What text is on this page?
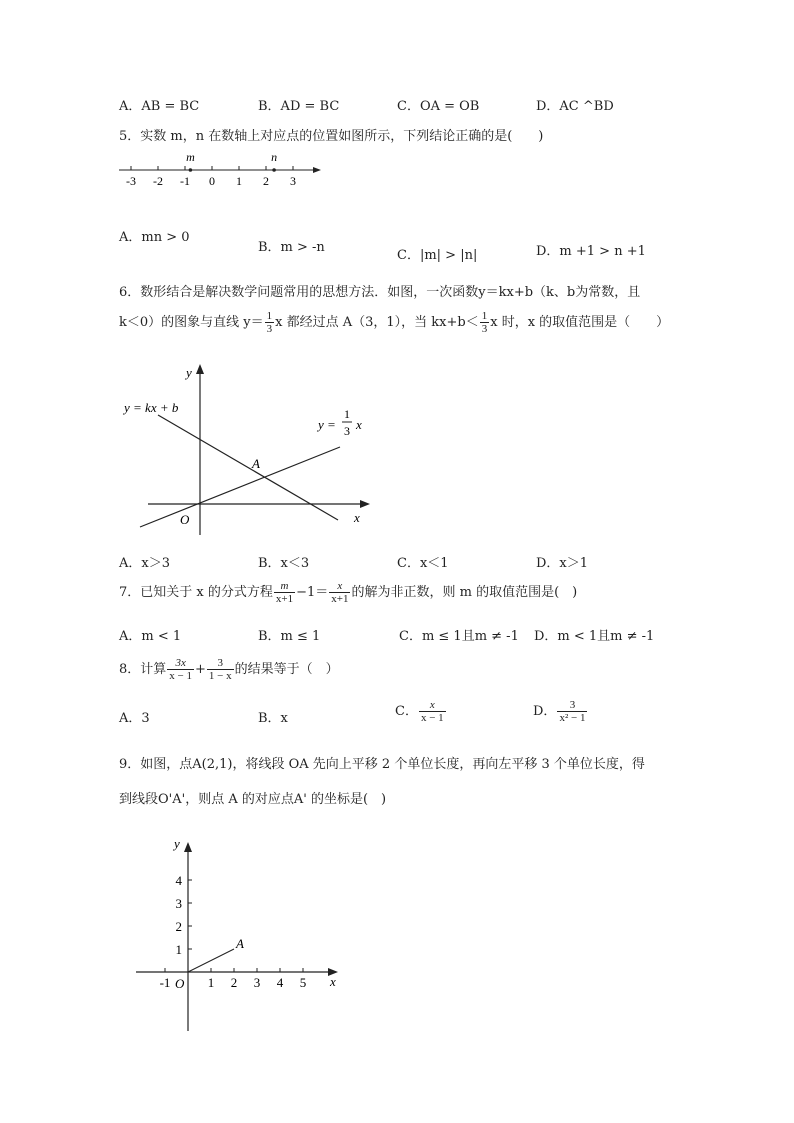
A．AB = BC	B．AD = BC	C．OA = OB	D．AC ^BD
5．实数 m，n 在数轴上对应点的位置如图所示，下列结论正确的是(　　)
-3 -2 -1 0 1 2 3
m	n
A．mn > 0
B．m > -n
C．|m| > |n|	D．m +1 > n +1
6．数形结合是解决数学问题常用的思想方法．如图，一次函数y＝kx+b（k、b为常数，且
k＜0）的图象与直线 $y= \frac{1}{3}$ x 都经过点 A（3，1），当 $kx+b< \frac{1}{3}$ x 时，x 的取值范围是（　　）
y
x
O
A
y = kx + b
y =
1
3 x
A．x＞3	B．x＜3	C．x＜1	D．x＞1
7．已知关于 x 的分式方程 $\frac{m}{x+1} -1= \frac{x}{x+1}$ 的解为非正数，则 m 的取值范围是(　)
A．m < 1	B．m ≤ 1	C．m ≤ 1且m ≠ -1 D．m < 1且m ≠ -1
8．计算 $\frac{3x}{x - 1} + \frac{3}{1 - x}$ 的结果等于（　）
A．3	B．x	C． $\frac{x}{x - 1}$	D． $\frac{3}{\text{x² − 1}}$
9．如图，点A(2,1)，将线段 OA 先向上平移 2 个单位长度，再向左平移 3 个单位长度，得
到线段O'A'，则点 A 的对应点A' 的坐标是(　)
-1	1 2 3 4 5
1
2
3
4
y
x
O
A
